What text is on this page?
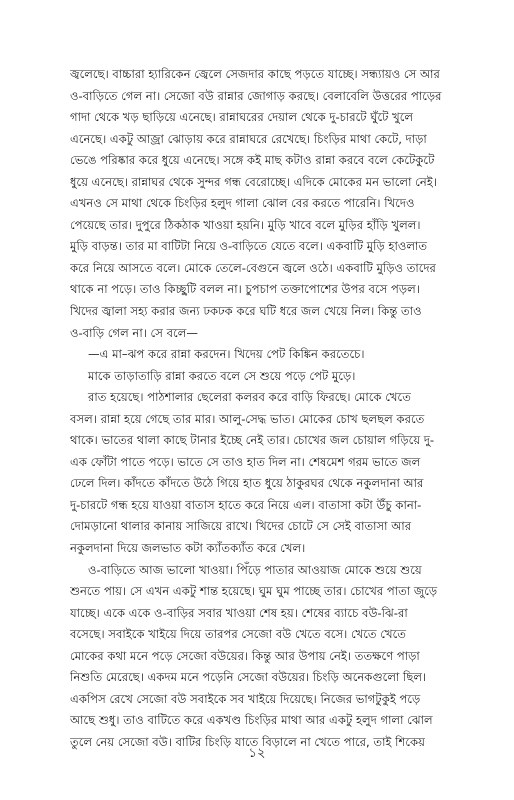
জ্বলেছে। বাচ্চারা হ্যারিকেন জ্বেলে সেজদার কাছে পড়তে যাচ্ছে। সন্ধ্যায়ও সে আর
ও-বাড়িতে গেল না। সেজো বউ রান্নার জোগাড় করছে। বেলাবেলি উত্তরের পাড়ের
গাদা থেকে খড় ছাড়িয়ে এনেছে। রান্নাঘরের দেয়াল থেকে দু-চারটে ঘুঁটে খুলে
এনেছে। একটু আজ্রা ঝোড়ায় করে রান্নাঘরে রেখেছে। চিংড়ির মাথা কেটে, দাড়া
ভেঙে পরিষ্কার করে ধুয়ে এনেছে। সঙ্গে কই মাছ কটাও রান্না করবে বলে কেটেকুটে
ধুয়ে এনেছে। রান্নাঘর থেকে সুন্দর গন্ধ বেরোচ্ছে। এদিকে মোকের মন ভালো নেই।
এখনও সে মাথা থেকে চিংড়ির হলুদ গালা ঝোল বের করতে পারেনি। খিদেও
পেয়েছে তার। দুপুরে ঠিকঠাক খাওয়া হয়নি। মুড়ি খাবে বলে মুড়ির হাঁড়ি খুলল।
মুড়ি বাড়ন্ত। তার মা বাটিটা নিয়ে ও-বাড়িতে যেতে বলে। একবাটি মুড়ি হাওলাত
করে নিয়ে আসতে বলে। মোকে তেলে-বেগুনে জ্বলে ওঠে। একবাটি মুড়িও তাদের
থাকে না পড়ে। তাও কিচ্ছুটি বলল না। চুপচাপ তক্তাপোশের উপর বসে পড়ল।
খিদের জ্বালা সহ্য করার জন্য ঢকঢক করে ঘটি ধরে জল খেয়ে নিল। কিন্তু তাও
ও-বাড়ি গেল না। সে বলে—
—এ মা–ঝপ করে রান্না করদেন। খিদেয় পেট কিঙ্কিন করতেচে।
মাকে তাড়াতাড়ি রান্না করতে বলে সে শুয়ে পড়ে পেট মুড়ে।
রাত হয়েছে। পাঠশালার ছেলেরা কলরব করে বাড়ি ফিরছে। মোকে খেতে
বসল। রান্না হয়ে গেছে তার মার। আলু-সেদ্ধ ভাত। মোকের চোখ ছলছল করতে
থাকে। ভাতের থালা কাছে টানার ইচ্ছে নেই তার। চোখের জল চোয়াল গড়িয়ে দু-
এক ফোঁটা পাতে পড়ে। ভাতে সে তাও হাত দিল না। শেষমেশ গরম ভাতে জল
ঢেলে দিল। কাঁদতে কাঁদতে উঠে গিয়ে হাত ধুয়ে ঠাকুরঘর থেকে নকুলদানা আর
দু-চারটে গন্ধ হয়ে যাওয়া বাতাস হাতে করে নিয়ে এল। বাতাসা কটা উঁচু কানা-
দোমড়ানো থালার কানায় সাজিয়ে রাখে। খিদের চোটে সে সেই বাতাসা আর
নকুলদানা দিয়ে জলভাত কটা ক্যাঁতক্যাঁত করে খেল।
ও-বাড়িতে আজ ভালো খাওয়া। পিঁড়ে পাতার আওয়াজ মোকে শুয়ে শুয়ে
শুনতে পায়। সে এখন একটু শান্ত হয়েছে। ঘুম ঘুম পাচ্ছে তার। চোখের পাতা জুড়ে
যাচ্ছে। একে একে ও-বাড়ির সবার খাওয়া শেষ হয়। শেষের ব্যাচে বউ-ঝি-রা
বসেছে। সবাইকে খাইয়ে দিয়ে তারপর সেজো বউ খেতে বসে। খেতে খেতে
মোকের কথা মনে পড়ে সেজো বউয়ের। কিন্তু আর উপায় নেই। ততক্ষণে পাড়া
নিশুতি মেরেছে। একদম মনে পড়েনি সেজো বউয়ের। চিংড়ি অনেকগুলো ছিল।
একপিস রেখে সেজো বউ সবাইকে সব খাইয়ে দিয়েছে। নিজের ভাগটুকুই পড়ে
আছে শুধু। তাও বাটিতে করে একখণ্ড চিংড়ির মাথা আর একটু হলুদ গালা ঝোল
তুলে নেয় সেজো বউ। বাটির চিংড়ি যাতে বিড়ালে না খেতে পারে, তাই শিকেয়
১২
